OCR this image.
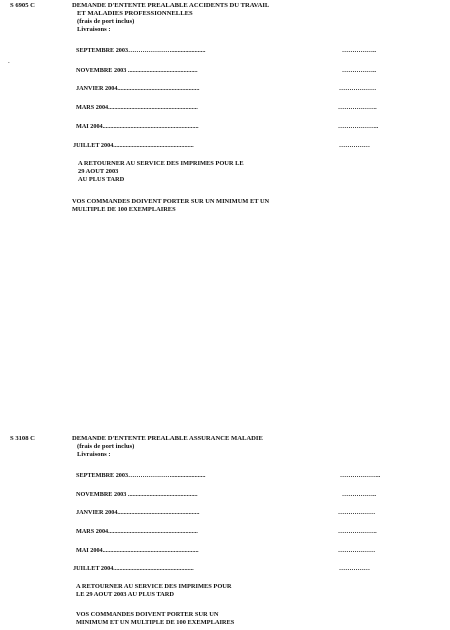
S 6905 C	DEMANDE D'ENTENTE PREALABLE ACCIDENTS DU TRAVAIL
ET MALADIES PROFESSIONNELLES
(frais de port inclus)
Livraisons :
.
SEPTEMBRE 2003…………………......................	……………..
NOVEMBRE 2003 .............................................	……………..
JANVIER 2004.....................................................	………………
MARS 2004..........................................................	……………….
MAI 2004..............................................................	………………..
JUILLET 2004....................................................	……………
A RETOURNER AU SERVICE DES IMPRIMES POUR LE
29 AOUT 2003
AU PLUS TARD
VOS COMMANDES DOIVENT PORTER SUR UN MINIMUM ET UN
MULTIPLE DE 100 EXEMPLAIRES
S 3108 C	DEMANDE D'ENTENTE PREALABLE ASSURANCE MALADIE
(frais de port inclus)
Livraisons :
SEPTEMBRE 2003…………………......................	………………..
NOVEMBRE 2003 .............................................	……………..
JANVIER 2004.....................................................	………………
MARS 2004..........................................................	……………….
MAI 2004..............................................................	………………
JUILLET 2004....................................................	……………
A RETOURNER AU SERVICE DES IMPRIMES POUR
LE 29 AOUT 2003 AU PLUS TARD
VOS COMMANDES DOIVENT PORTER SUR UN
MINIMUM ET UN MULTIPLE DE 100 EXEMPLAIRES
